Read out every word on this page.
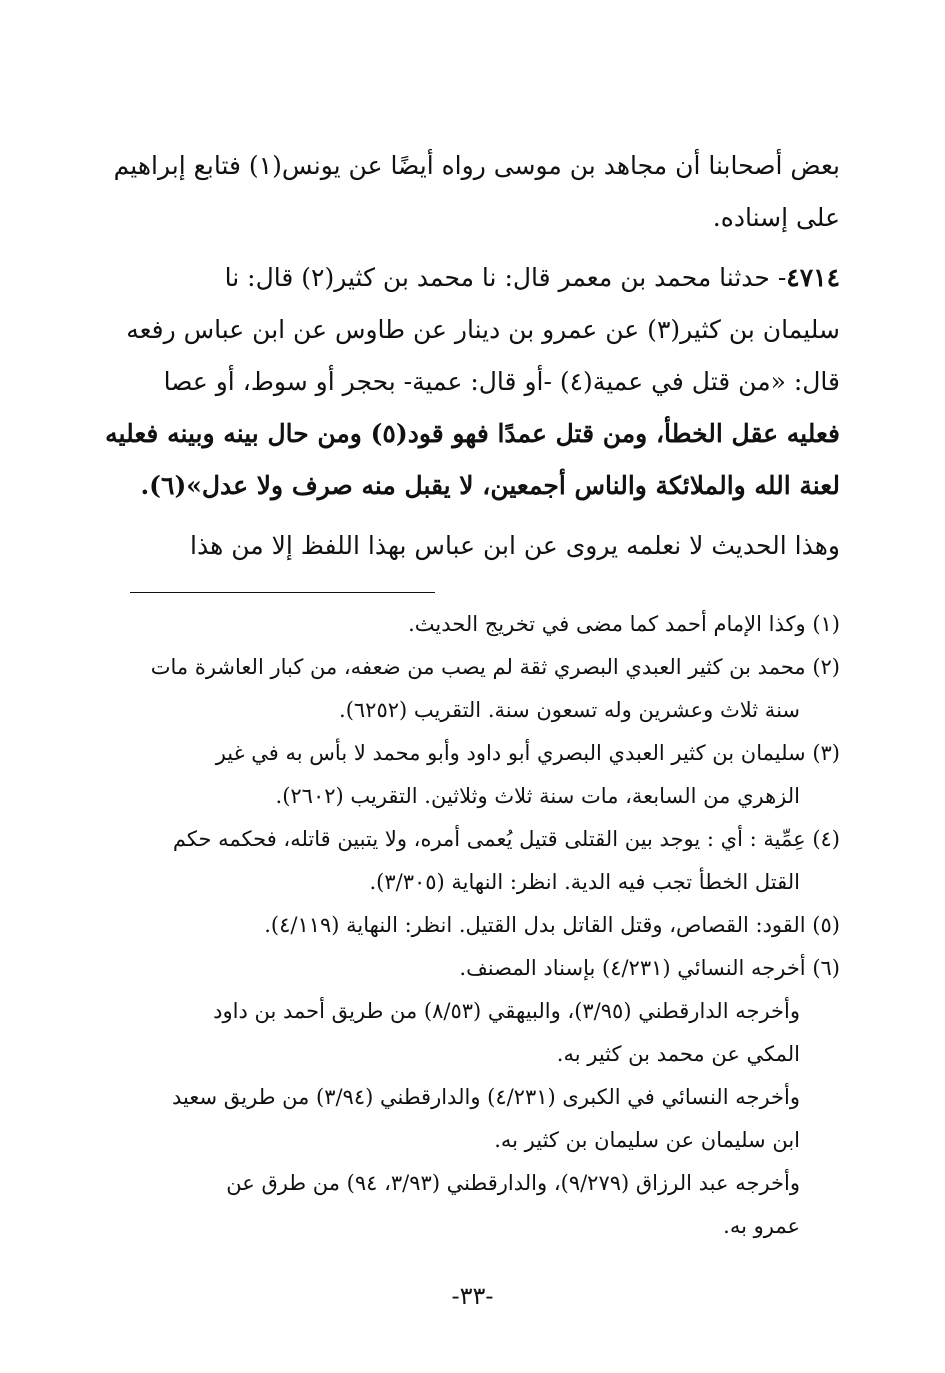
بعض أصحابنا أن مجاهد بن موسى رواه أيضًا عن يونس(١) فتابع إبراهيم
على إسناده.
٤٧١٤- حدثنا محمد بن معمر قال: نا محمد بن كثير(٢) قال: نا
سليمان بن كثير(٣) عن عمرو بن دينار عن طاوس عن ابن عباس رفعه
قال: «من قتل في عمية(٤) -أو قال: عمية- بحجر أو سوط، أو عصا
فعليه عقل الخطأ، ومن قتل عمدًا فهو قود(٥) ومن حال بينه وبينه فعليه
لعنة الله والملائكة والناس أجمعين، لا يقبل منه صرف ولا عدل»(٦).
وهذا الحديث لا نعلمه يروى عن ابن عباس بهذا اللفظ إلا من هذا
(١) وكذا الإمام أحمد كما مضى في تخريج الحديث.
(٢) محمد بن كثير العبدي البصري ثقة لم يصب من ضعفه، من كبار العاشرة مات
سنة ثلاث وعشرين وله تسعون سنة. التقريب (٦٢٥٢).
(٣) سليمان بن كثير العبدي البصري أبو داود وأبو محمد لا بأس به في غير
الزهري من السابعة، مات سنة ثلاث وثلاثين. التقريب (٢٦٠٢).
(٤) عِمِّية : أي : يوجد بين القتلى قتيل يُعمى أمره، ولا يتبين قاتله، فحكمه حكم
القتل الخطأ تجب فيه الدية. انظر: النهاية (٣/٣٠٥).
(٥) القود: القصاص، وقتل القاتل بدل القتيل. انظر: النهاية (٤/١١٩).
(٦) أخرجه النسائي (٤/٢٣١) بإسناد المصنف.
وأخرجه الدارقطني (٣/٩٥)، والبيهقي (٨/٥٣) من طريق أحمد بن داود
المكي عن محمد بن كثير به.
وأخرجه النسائي في الكبرى (٤/٢٣١) والدارقطني (٣/٩٤) من طريق سعيد
ابن سليمان عن سليمان بن كثير به.
وأخرجه عبد الرزاق (٩/٢٧٩)، والدارقطني (٣/٩٣، ٩٤) من طرق عن
عمرو به.
-٣٣-
